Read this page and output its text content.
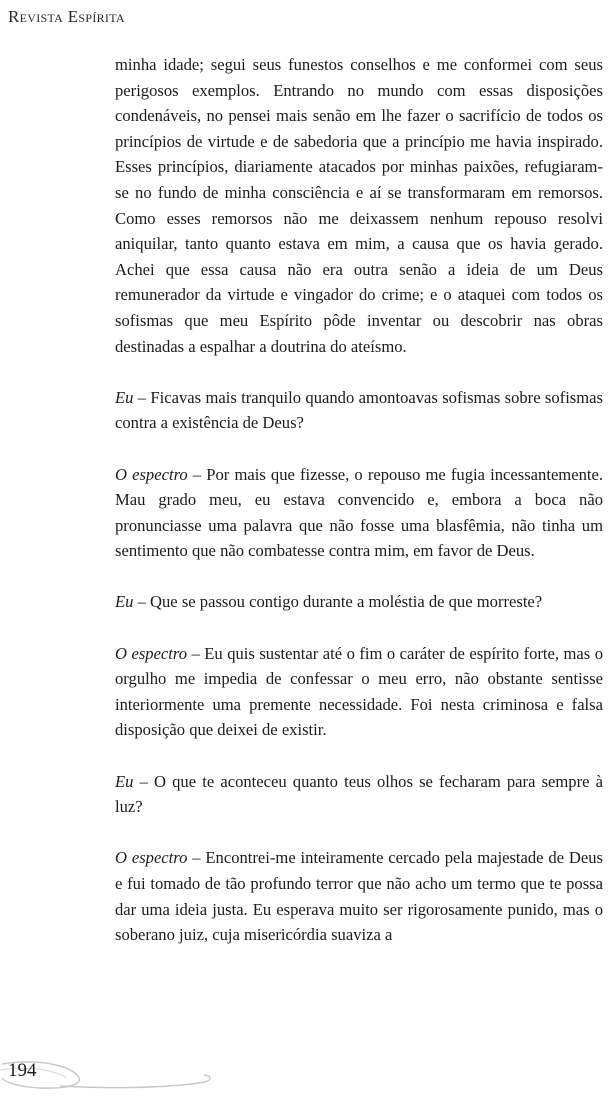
Revista Espírita

minha idade; segui seus funestos conselhos e me conformei com seus perigosos exemplos. Entrando no mundo com essas disposições condenáveis, no pensei mais senão em lhe fazer o sacrifício de todos os princípios de virtude e de sabedoria que a princípio me havia inspirado. Esses princípios, diariamente atacados por minhas paixões, refugiaram-se no fundo de minha consciência e aí se transformaram em remorsos. Como esses remorsos não me deixassem nenhum repouso resolvi aniquilar, tanto quanto estava em mim, a causa que os havia gerado. Achei que essa causa não era outra senão a ideia de um Deus remunerador da virtude e vingador do crime; e o ataquei com todos os sofismas que meu Espírito pôde inventar ou descobrir nas obras destinadas a espalhar a doutrina do ateísmo.

Eu – Ficavas mais tranquilo quando amontoavas sofismas sobre sofismas contra a existência de Deus?

O espectro – Por mais que fizesse, o repouso me fugia incessantemente. Mau grado meu, eu estava convencido e, embora a boca não pronunciasse uma palavra que não fosse uma blasfêmia, não tinha um sentimento que não combatesse contra mim, em favor de Deus.

Eu – Que se passou contigo durante a moléstia de que morreste?

O espectro – Eu quis sustentar até o fim o caráter de espírito forte, mas o orgulho me impedia de confessar o meu erro, não obstante sentisse interiormente uma premente necessidade. Foi nesta criminosa e falsa disposição que deixei de existir.

Eu – O que te aconteceu quanto teus olhos se fecharam para sempre à luz?

O espectro – Encontrei-me inteiramente cercado pela majestade de Deus e fui tomado de tão profundo terror que não acho um termo que te possa dar uma ideia justa. Eu esperava muito ser rigorosamente punido, mas o soberano juiz, cuja misericórdia suaviza a

194
